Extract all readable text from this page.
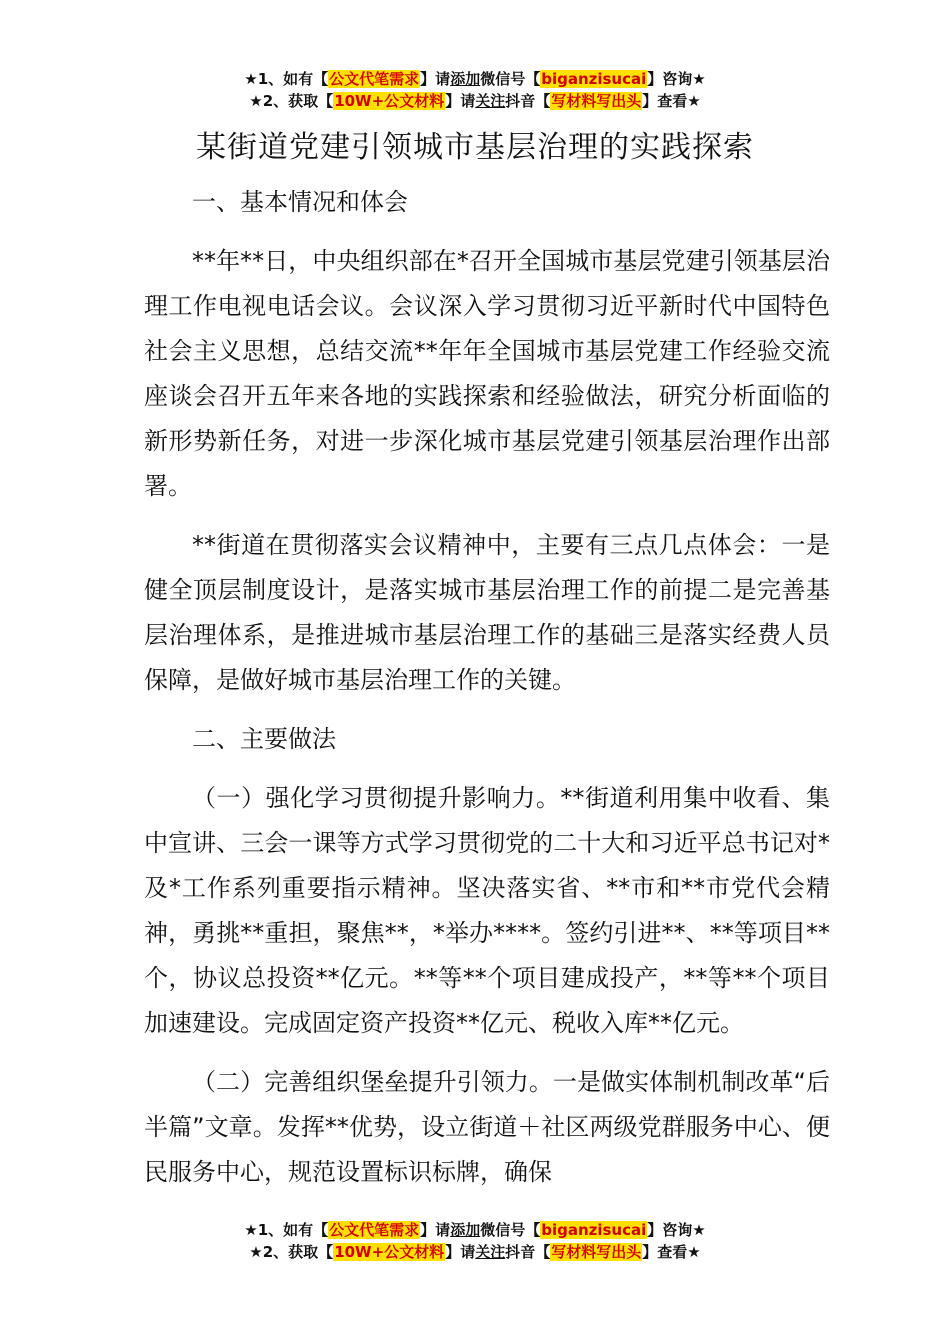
★1、如有【公文代笔需求】请添加微信号【biganzisucai】咨询★
★2、获取【10W+公文材料】请关注抖音【写材料写出头】查看★
某街道党建引领城市基层治理的实践探索

一、基本情况和体会

**年**日，中央组织部在*召开全国城市基层党建引领基层治理工作电视电话会议。会议深入学习贯彻习近平新时代中国特色社会主义思想，总结交流**年年全国城市基层党建工作经验交流座谈会召开五年来各地的实践探索和经验做法，研究分析面临的新形势新任务，对进一步深化城市基层党建引领基层治理作出部署。

**街道在贯彻落实会议精神中，主要有三点几点体会：一是健全顶层制度设计，是落实城市基层治理工作的前提二是完善基层治理体系，是推进城市基层治理工作的基础三是落实经费人员保障，是做好城市基层治理工作的关键。

二、主要做法

（一）强化学习贯彻提升影响力。**街道利用集中收看、集中宣讲、三会一课等方式学习贯彻党的二十大和习近平总书记对*及*工作系列重要指示精神。坚决落实省、**市和**市党代会精神，勇挑**重担，聚焦**，*举办****。签约引进**、**等项目**个，协议总投资**亿元。**等**个项目建成投产，**等**个项目加速建设。完成固定资产投资**亿元、税收入库**亿元。

（二）完善组织堡垒提升引领力。一是做实体制机制改革“后半篇”文章。发挥**优势，设立街道＋社区两级党群服务中心、便民服务中心，规范设置标识标牌，确保

★1、如有【公文代笔需求】请添加微信号【biganzisucai】咨询★
★2、获取【10W+公文材料】请关注抖音【写材料写出头】查看★
